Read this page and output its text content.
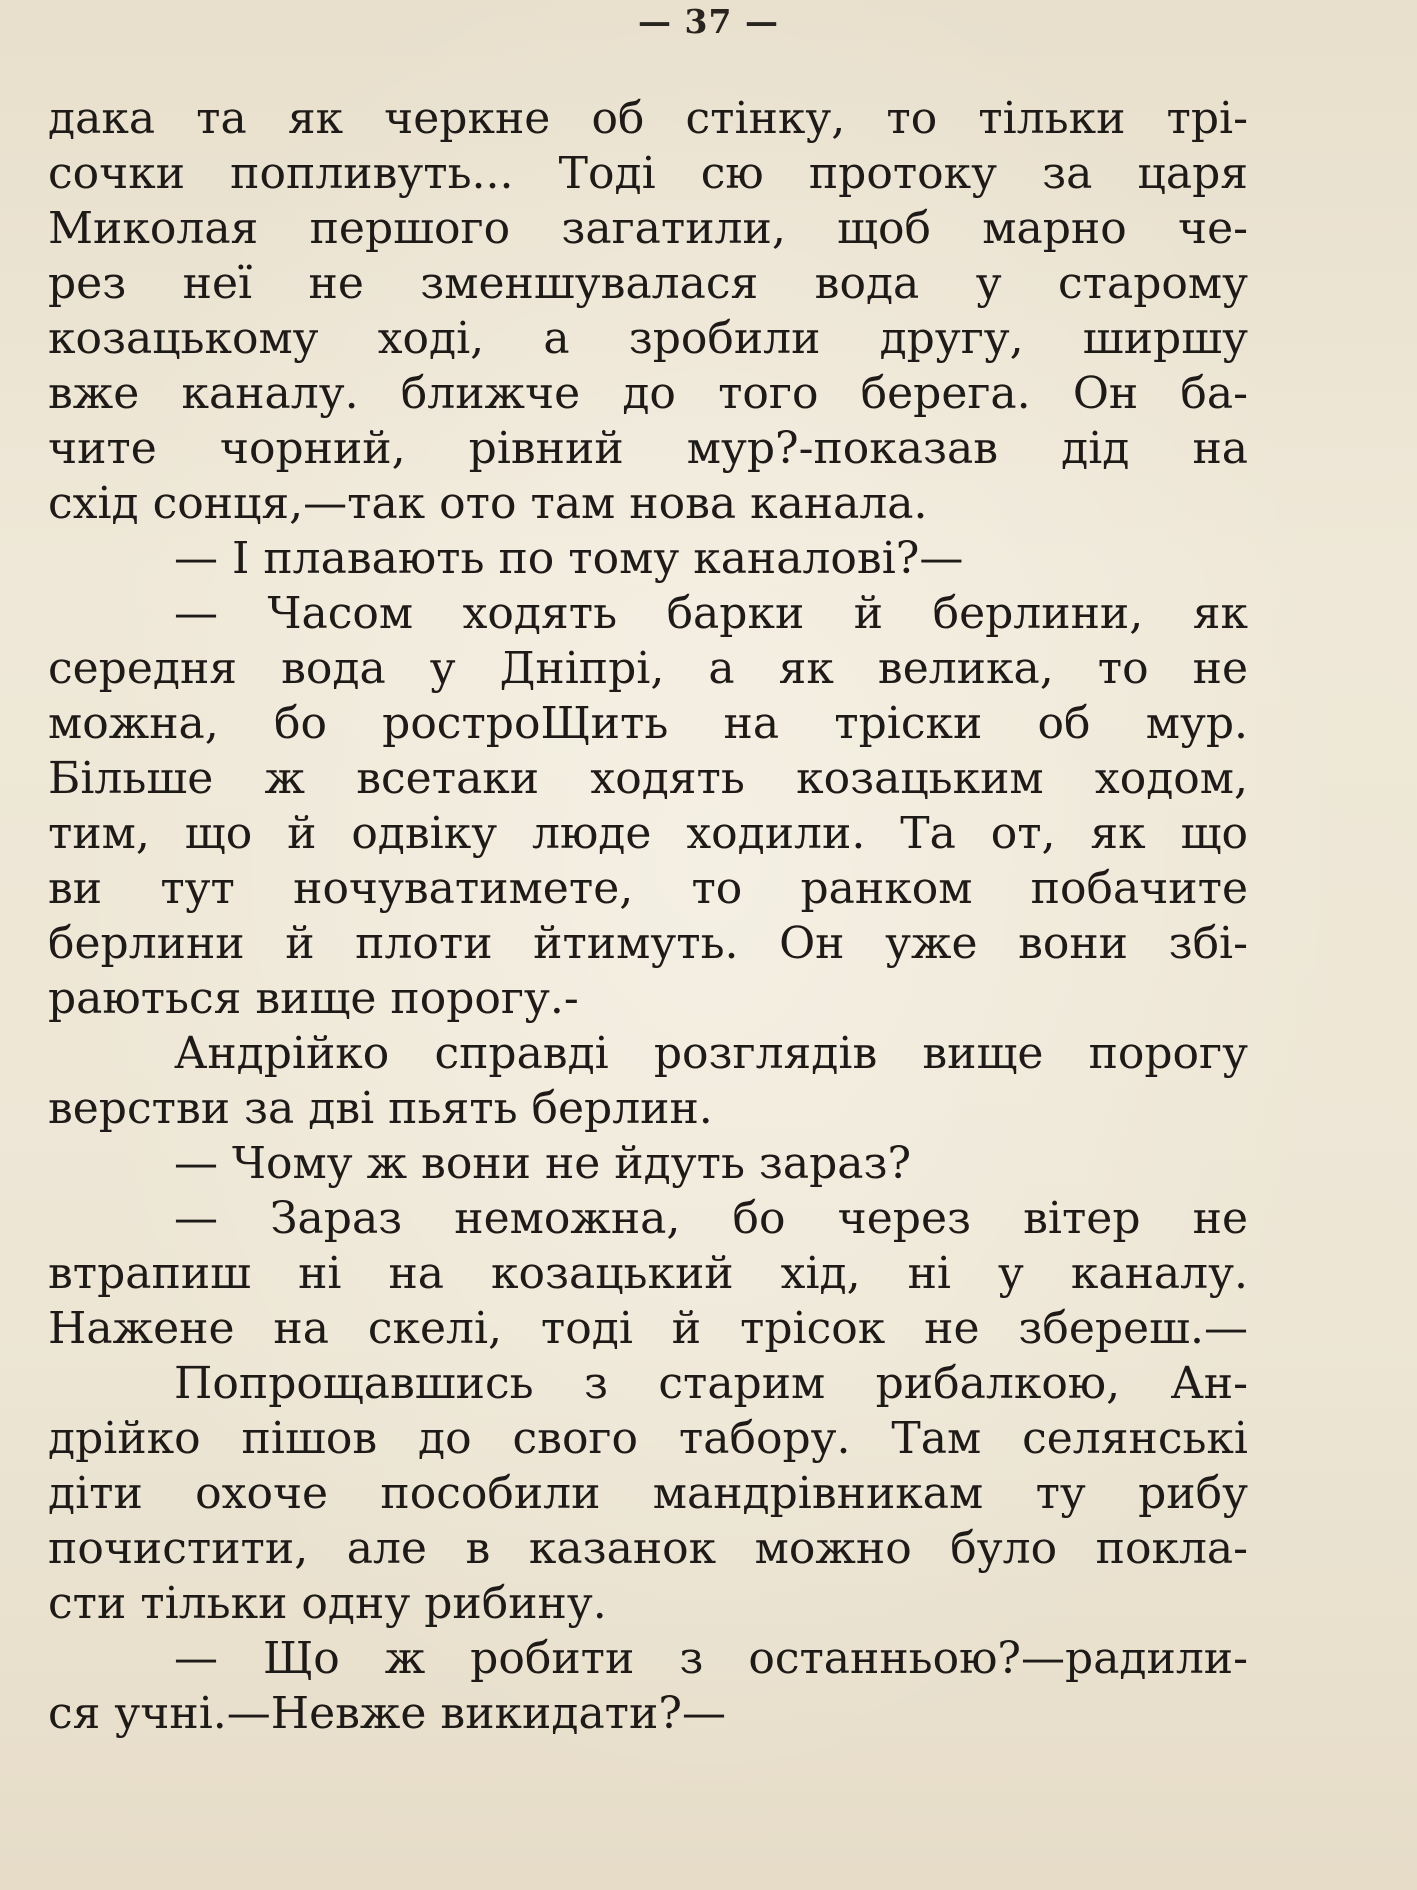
— 37 —
дака та як черкне об стінку, то тільки трі-
сочки попливуть... Тоді сю протоку за царя
Миколая першого загатили, щоб марно че-
рез неї не зменшувалася вода у старому
козацькому ході, а зробили другу, ширшу
вже каналу. ближче до того берега. Он ба-
чите чорний, рівний мур?-показав дід на
схід сонця,—так ото там нова канала.
— І плавають по тому каналові?—
— Часом ходять барки й берлини, як
середня вода у Дніпрі, а як велика, то не
можна, бо ростроЩить на тріски об мур.
Більше ж всетаки ходять козацьким ходом,
тим, що й одвіку люде ходили. Та от, як що
ви тут ночуватимете, то ранком побачите
берлини й плоти йтимуть. Он уже вони збі-
раються вище порогу.-
Андрійко справді розглядів вище порогу
верстви за дві пьять берлин.
— Чому ж вони не йдуть зараз?
— Зараз неможна, бо через вітер не
втрапиш ні на козацький хід, ні у каналу.
Нажене на скелі, тоді й трісок не збереш.—
Попрощавшись з старим рибалкою, Ан-
дрійко пішов до свого табору. Там селянські
діти охоче пособили мандрівникам ту рибу
почистити, але в казанок можно було покла-
сти тільки одну рибину.
— Що ж робити з останньою?—радили-
ся учні.—Невже викидати?—
